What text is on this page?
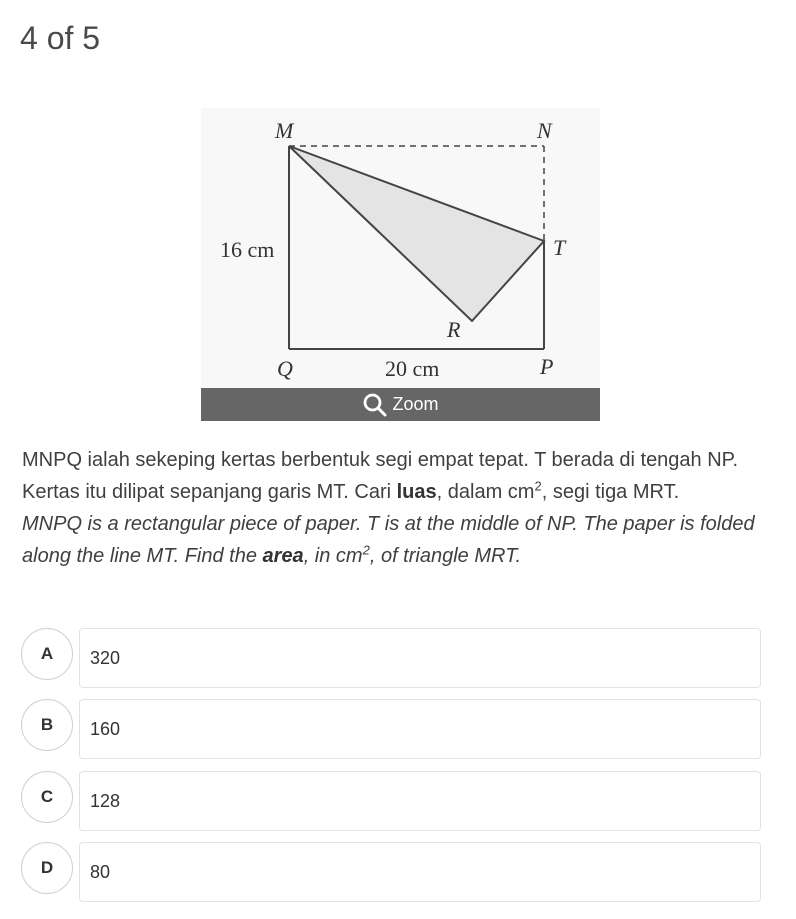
4 of 5
M	N
T
R
Q	P
16 cm
20 cm
Zoom

MNPQ ialah sekeping kertas berbentuk segi empat tepat. T berada di tengah NP. Kertas itu dilipat sepanjang garis MT. Cari luas, dalam $cm^2$, segi tiga MRT.

MNPQ is a rectangular piece of paper. T is at the middle of NP. The paper is folded along the line MT. Find the area, in $cm^2$, of triangle MRT.

A	320
B	160
C	128
D	80
